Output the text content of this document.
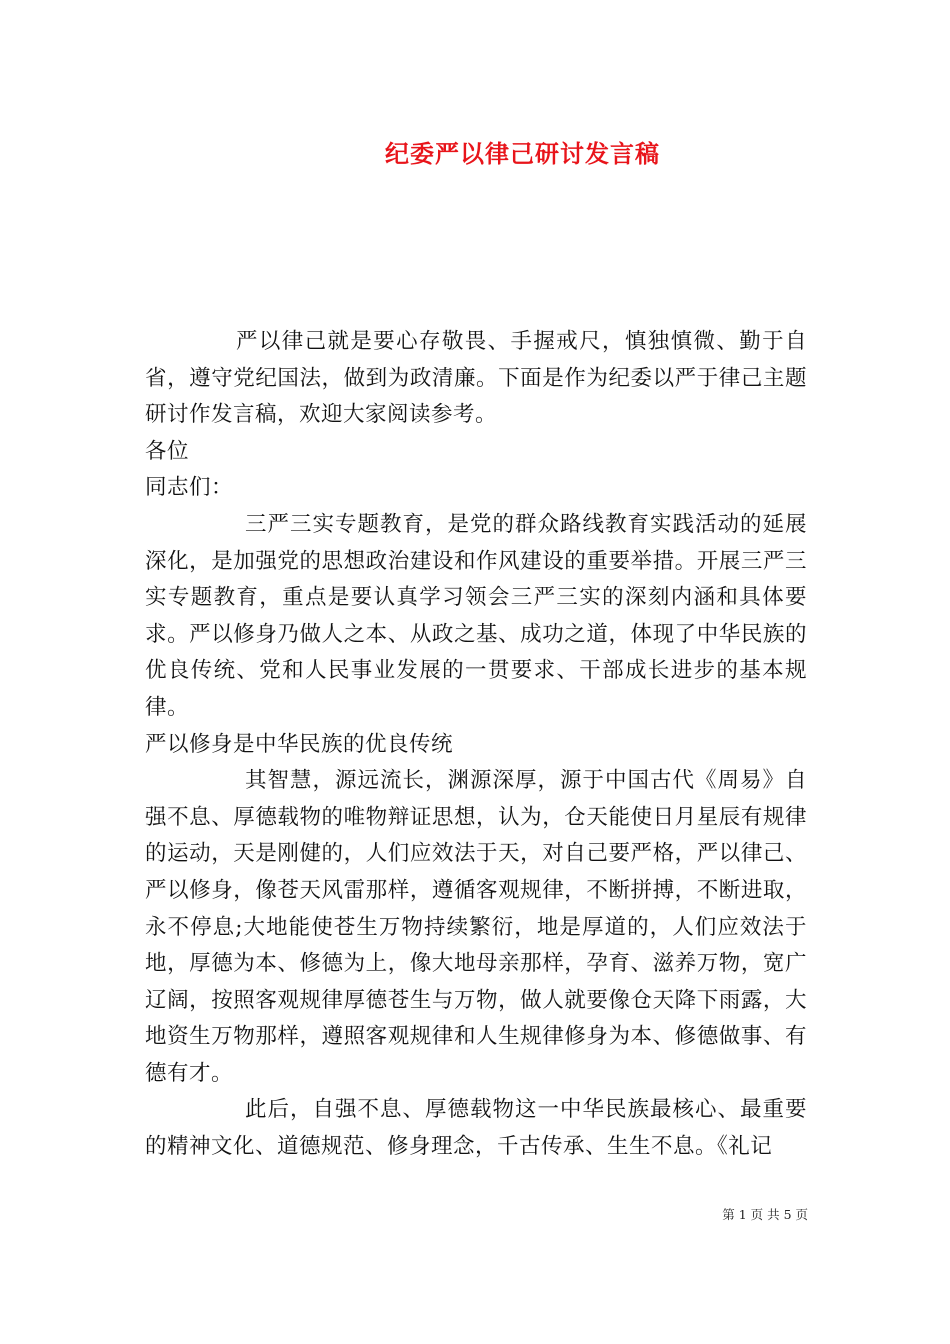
纪委严以律己研讨发言稿

严以律己就是要心存敬畏、手握戒尺，慎独慎微、勤于自省，遵守党纪国法，做到为政清廉。下面是作为纪委以严于律己主题研讨作发言稿，欢迎大家阅读参考。

各位

同志们：

三严三实专题教育，是党的群众路线教育实践活动的延展深化，是加强党的思想政治建设和作风建设的重要举措。开展三严三实专题教育，重点是要认真学习领会三严三实的深刻内涵和具体要求。严以修身乃做人之本、从政之基、成功之道，体现了中华民族的优良传统、党和人民事业发展的一贯要求、干部成长进步的基本规律。

严以修身是中华民族的优良传统

其智慧，源远流长，渊源深厚，源于中国古代《周易》自强不息、厚德载物的唯物辩证思想，认为，仓天能使日月星辰有规律的运动，天是刚健的，人们应效法于天，对自己要严格，严以律己、严以修身，像苍天风雷那样，遵循客观规律，不断拼搏，不断进取，永不停息;大地能使苍生万物持续繁衍，地是厚道的，人们应效法于地，厚德为本、修德为上，像大地母亲那样，孕育、滋养万物，宽广辽阔，按照客观规律厚德苍生与万物，做人就要像仓天降下雨露，大地资生万物那样，遵照客观规律和人生规律修身为本、修德做事、有德有才。

此后，自强不息、厚德载物这一中华民族最核心、最重要的精神文化、道德规范、修身理念，千古传承、生生不息。《礼记

第 1 页 共 5 页
